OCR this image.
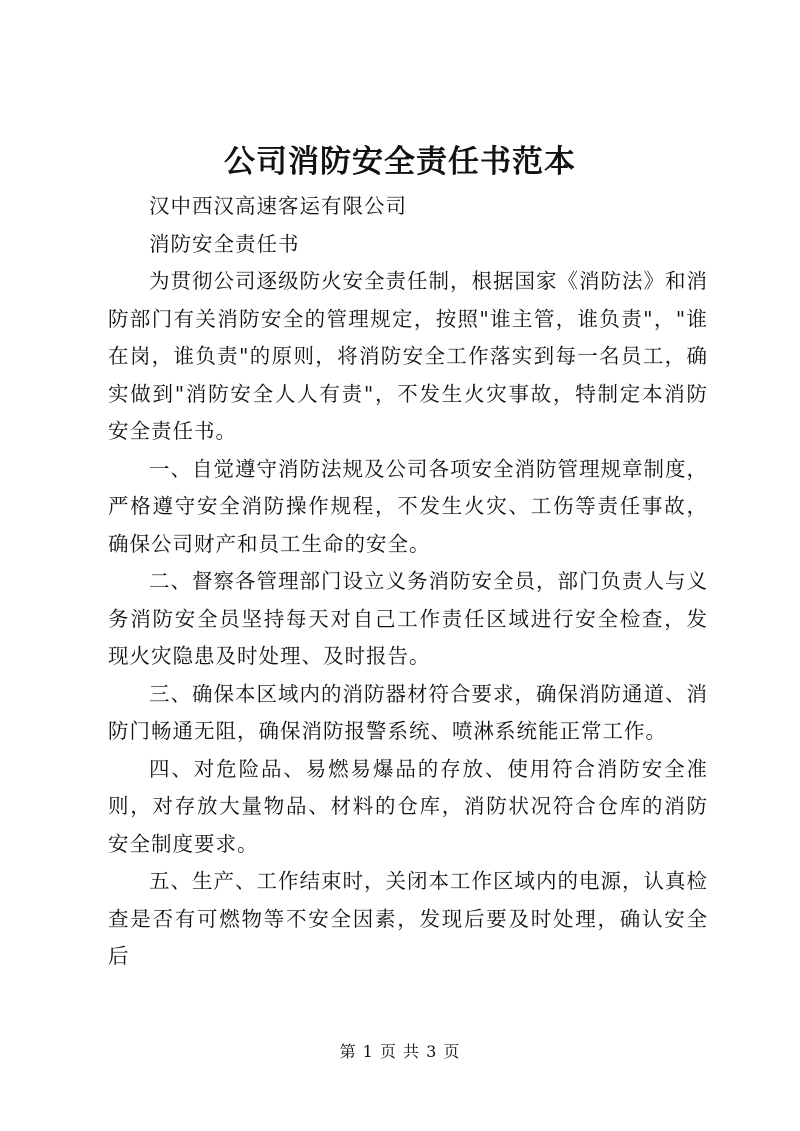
公司消防安全责任书范本

汉中西汉高速客运有限公司

消防安全责任书

为贯彻公司逐级防火安全责任制，根据国家《消防法》和消防部门有关消防安全的管理规定，按照"谁主管，谁负责"，"谁在岗，谁负责"的原则，将消防安全工作落实到每一名员工，确实做到"消防安全人人有责"，不发生火灾事故，特制定本消防安全责任书。

一、自觉遵守消防法规及公司各项安全消防管理规章制度，严格遵守安全消防操作规程，不发生火灾、工伤等责任事故，确保公司财产和员工生命的安全。

二、督察各管理部门设立义务消防安全员，部门负责人与义务消防安全员坚持每天对自己工作责任区域进行安全检查，发现火灾隐患及时处理、及时报告。

三、确保本区域内的消防器材符合要求，确保消防通道、消防门畅通无阻，确保消防报警系统、喷淋系统能正常工作。

四、对危险品、易燃易爆品的存放、使用符合消防安全准则，对存放大量物品、材料的仓库，消防状况符合仓库的消防安全制度要求。

五、生产、工作结束时，关闭本工作区域内的电源，认真检查是否有可燃物等不安全因素，发现后要及时处理，确认安全后

第 1 页 共 3 页
